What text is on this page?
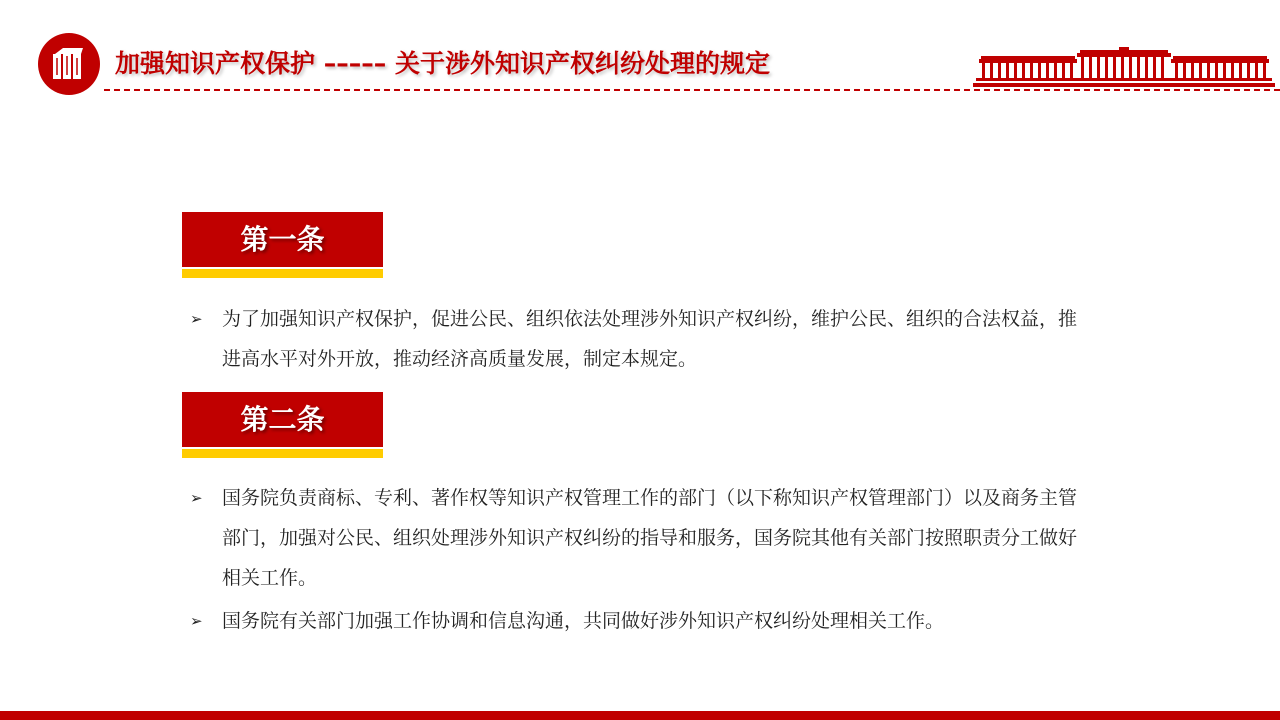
加强知识产权保护 ––––– 关于涉外知识产权纠纷处理的规定
第一条
➢	为了加强知识产权保护，促进公民、组织依法处理涉外知识产权纠纷，维护公民、组织的合法权益，推进高水平对外开放，推动经济高质量发展，制定本规定。
第二条
➢	国务院负责商标、专利、著作权等知识产权管理工作的部门（以下称知识产权管理部门）以及商务主管部门，加强对公民、组织处理涉外知识产权纠纷的指导和服务，国务院其他有关部门按照职责分工做好相关工作。
➢	国务院有关部门加强工作协调和信息沟通，共同做好涉外知识产权纠纷处理相关工作。
